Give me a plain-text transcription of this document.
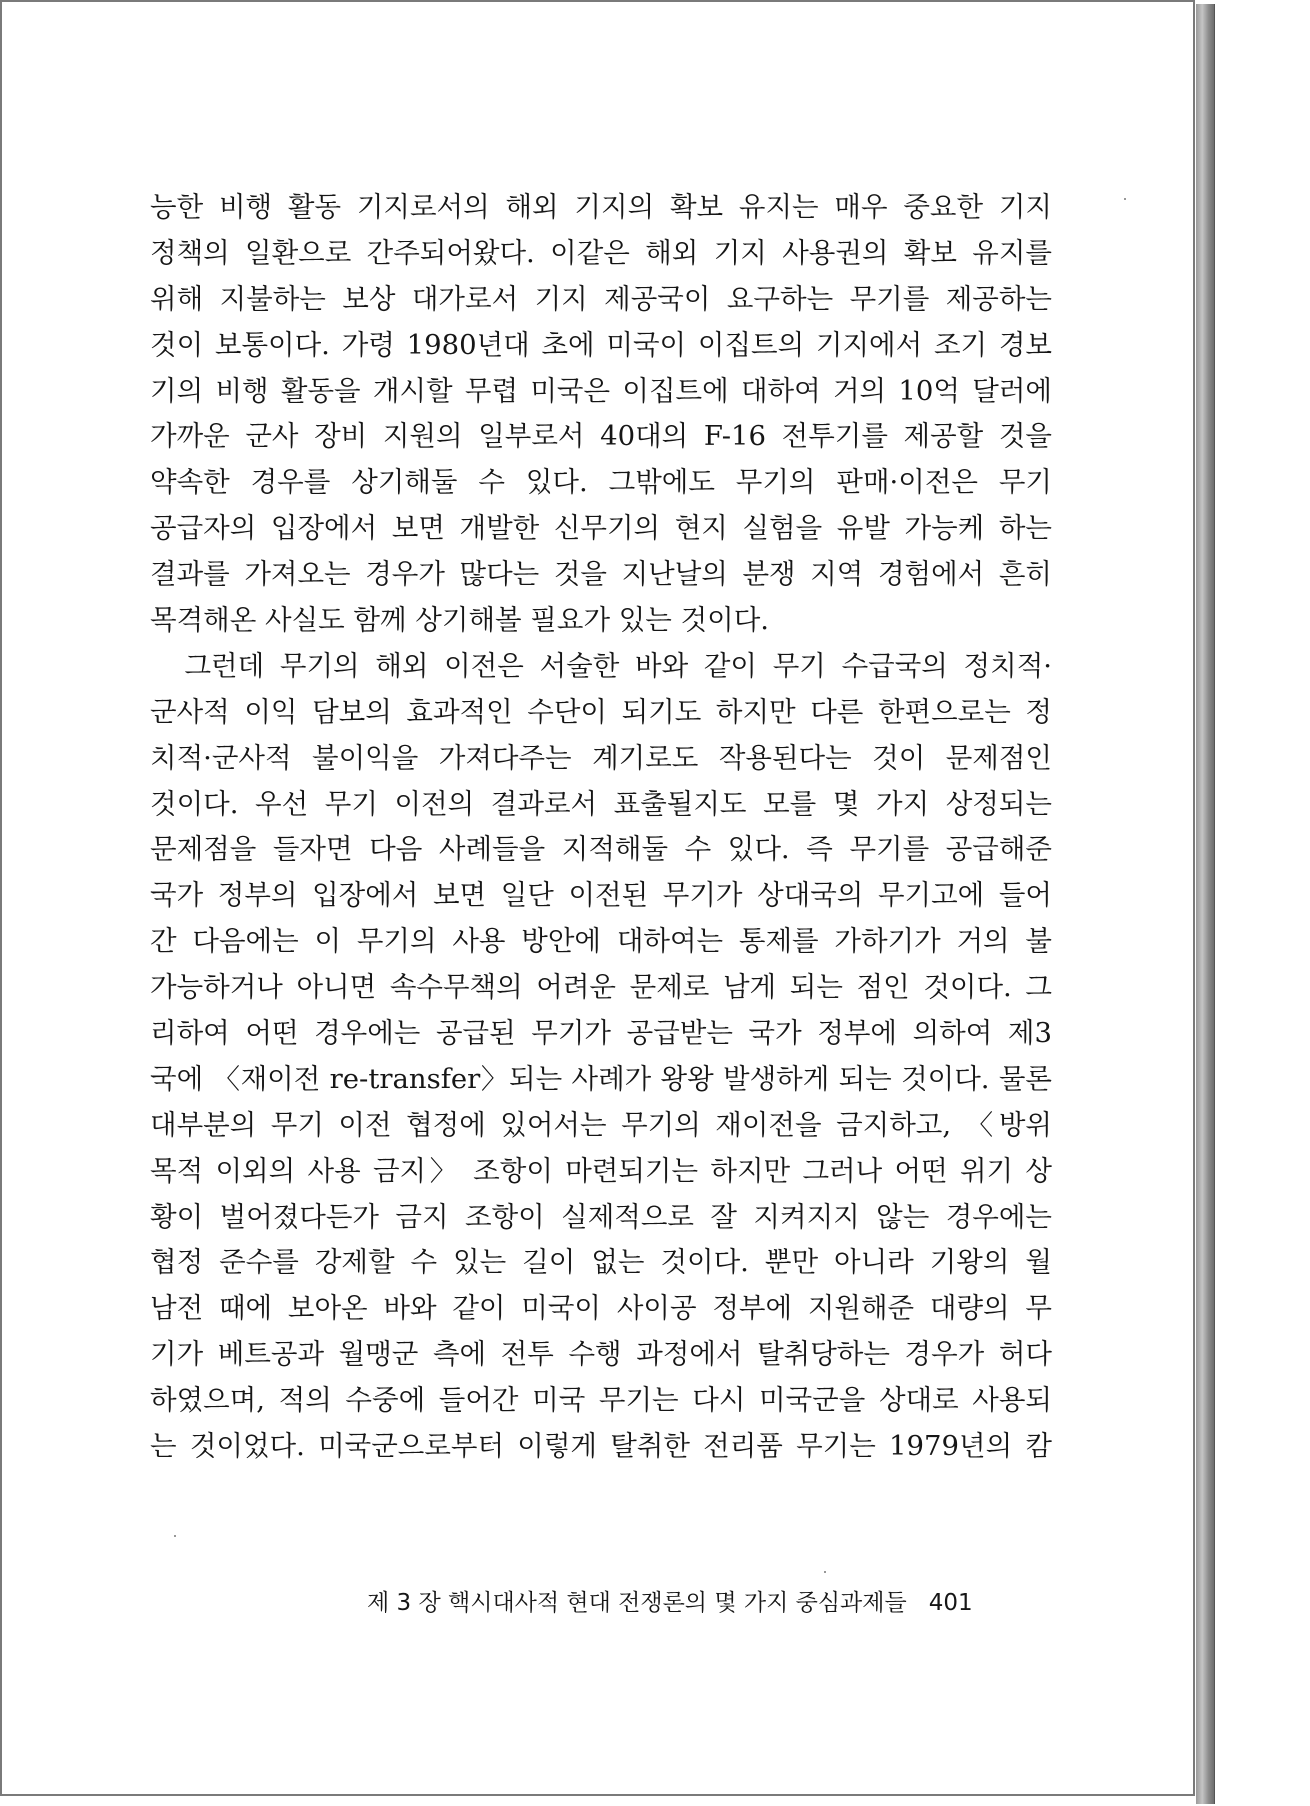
능한 비행 활동 기지로서의 해외 기지의 확보 유지는 매우 중요한 기지
정책의 일환으로 간주되어왔다. 이같은 해외 기지 사용권의 확보 유지를
위해 지불하는 보상 대가로서 기지 제공국이 요구하는 무기를 제공하는
것이 보통이다. 가령 1980년대 초에 미국이 이집트의 기지에서 조기 경보
기의 비행 활동을 개시할 무렵 미국은 이집트에 대하여 거의 10억 달러에
가까운 군사 장비 지원의 일부로서 40대의 F-16 전투기를 제공할 것을
약속한 경우를 상기해둘 수 있다. 그밖에도 무기의 판매·이전은 무기
공급자의 입장에서 보면 개발한 신무기의 현지 실험을 유발 가능케 하는
결과를 가져오는 경우가 많다는 것을 지난날의 분쟁 지역 경험에서 흔히
목격해온 사실도 함께 상기해볼 필요가 있는 것이다.
　그런데 무기의 해외 이전은 서술한 바와 같이 무기 수급국의 정치적·
군사적 이익 담보의 효과적인 수단이 되기도 하지만 다른 한편으로는 정
치적·군사적 불이익을 가져다주는 계기로도 작용된다는 것이 문제점인
것이다. 우선 무기 이전의 결과로서 표출될지도 모를 몇 가지 상정되는
문제점을 들자면 다음 사례들을 지적해둘 수 있다. 즉 무기를 공급해준
국가 정부의 입장에서 보면 일단 이전된 무기가 상대국의 무기고에 들어
간 다음에는 이 무기의 사용 방안에 대하여는 통제를 가하기가 거의 불
가능하거나 아니면 속수무책의 어려운 문제로 남게 되는 점인 것이다. 그
리하여 어떤 경우에는 공급된 무기가 공급받는 국가 정부에 의하여 제3
국에 〈재이전 re-transfer〉되는 사례가 왕왕 발생하게 되는 것이다. 물론
대부분의 무기 이전 협정에 있어서는 무기의 재이전을 금지하고, 〈방위
목적 이외의 사용 금지〉 조항이 마련되기는 하지만 그러나 어떤 위기 상
황이 벌어졌다든가 금지 조항이 실제적으로 잘 지켜지지 않는 경우에는
협정 준수를 강제할 수 있는 길이 없는 것이다. 뿐만 아니라 기왕의 월
남전 때에 보아온 바와 같이 미국이 사이공 정부에 지원해준 대량의 무
기가 베트공과 월맹군 측에 전투 수행 과정에서 탈취당하는 경우가 허다
하였으며, 적의 수중에 들어간 미국 무기는 다시 미국군을 상대로 사용되
는 것이었다. 미국군으로부터 이렇게 탈취한 전리품 무기는 1979년의 캄
제 3 장 핵시대사적 현대 전쟁론의 몇 가지 중심과제들 401
